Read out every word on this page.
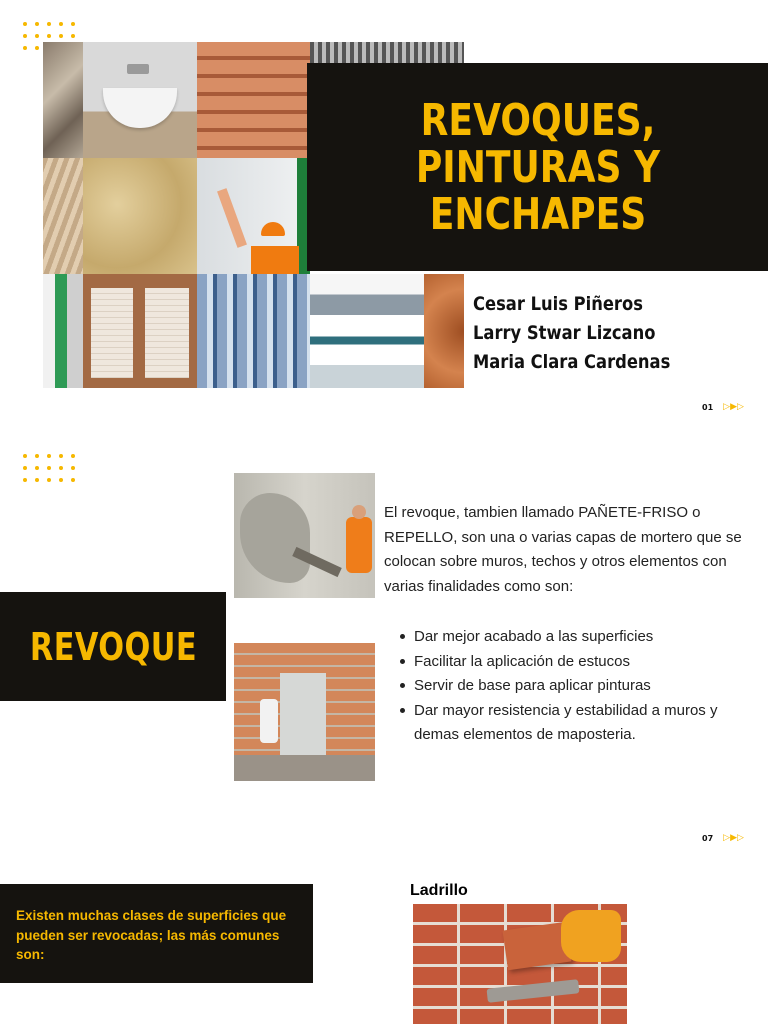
REVOQUES,
PINTURAS Y
ENCHAPES
Cesar Luis Piñeros
Larry Stwar Lizcano
Maria Clara Cardenas
01 ▷ ▶ ▷
REVOQUE
El revoque, tambien llamado PAÑETE-FRISO o REPELLO, son una o varias capas de mortero que se colocan sobre muros, techos y otros elementos con varias finalidades como son:
Dar mejor acabado a las superficies
Facilitar la aplicación de estucos
Servir de base para aplicar pinturas
Dar mayor resistencia y estabilidad a muros y demas elementos de maposteria.
07 ▷ ▶ ▷
Existen muchas clases de superficies que pueden ser revocadas; las más comunes son:
Ladrillo
